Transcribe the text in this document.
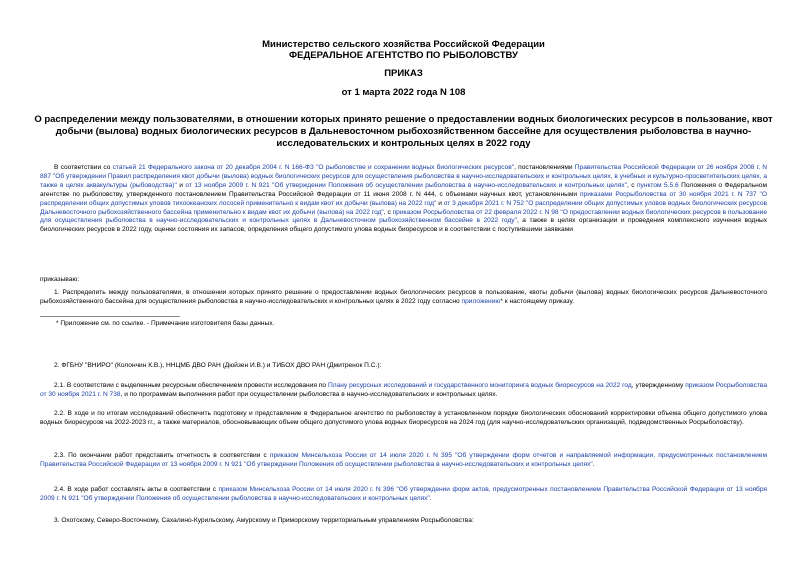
Министерство сельского хозяйства Российской Федерации
ФЕДЕРАЛЬНОЕ АГЕНТСТВО ПО РЫБОЛОВСТВУ
ПРИКАЗ
от 1 марта 2022 года N 108
О распределении между пользователями, в отношении которых принято решение о предоставлении водных биологических ресурсов в пользование, квот добычи (вылова) водных биологических ресурсов в Дальневосточном рыбохозяйственном бассейне для осуществления рыболовства в научно-исследовательских и контрольных целях в 2022 году
В соответствии со статьей 21 Федерального закона от 20 декабря 2004 г. N 166-ФЗ "О рыболовстве и сохранении водных биологических ресурсов", постановлениями Правительства Российской Федерации от 26 ноября 2008 г. N 887 "Об утверждении Правил распределения квот добычи (вылова) водных биологических ресурсов для осуществления рыболовства в научно-исследовательских и контрольных целях, в учебных и культурно-просветительских целях, а также в целях аквакультуры (рыбоводства)" и от 13 ноября 2009 г. N 921 "Об утверждении Положения об осуществлении рыболовства в научно-исследовательских и контрольных целях", с пунктом 5.5.6 Положения о Федеральном агентстве по рыболовству, утвержденного постановлением Правительства Российской Федерации от 11 июня 2008 г. N 444, с объемами научных квот, установленными приказами Росрыболовства от 30 ноября 2021 г. N 737 "О распределении общих допустимых уловов тихоокеанских лососей применительно к видам квот их добычи (вылова) на 2022 год" и от 3 декабря 2021 г. N 752 "О распределении общих допустимых уловов водных биологических ресурсов Дальневосточного рыбохозяйственного бассейна применительно к видам квот их добычи (вылова) на 2022 год", с приказом Росрыболовства от 22 февраля 2022 г. N 98 "О предоставлении водных биологических ресурсов в пользование для осуществления рыболовства в научно-исследовательских и контрольных целях в Дальневосточном рыбохозяйственном бассейне в 2022 году", а также в целях организации и проведения комплексного изучения водных биологических ресурсов в 2022 году, оценки состояния их запасов, определения общего допустимого улова водных биоресурсов и в соответствии с поступившими заявками
приказываю:
1. Распределить между пользователями, в отношении которых принято решение о предоставлении водных биологических ресурсов в пользование, квоты добычи (вылова) водных биологических ресурсов Дальневосточного рыбохозяйственного бассейна для осуществления рыболовства в научно-исследовательских и контрольных целях в 2022 году согласно приложению* к настоящему приказу.
* Приложение см. по ссылке. - Примечание изготовителя базы данных.
2. ФГБНУ "ВНИРО" (Колончин К.В.), ННЦМБ ДВО РАН (Дюйзен И.В.) и ТИБОХ ДВО РАН (Дмитренок П.С.):
2.1. В соответствии с выделенным ресурсным обеспечением провести исследования по Плану ресурсных исследований и государственного мониторинга водных биоресурсов на 2022 год, утвержденному приказом Росрыболовства от 30 ноября 2021 г. N 738, и по программам выполнения работ при осуществлении рыболовства в научно-исследовательских и контрольных целях.
2.2. В ходе и по итогам исследований обеспечить подготовку и представление в Федеральное агентство по рыболовству в установленном порядке биологических обоснований корректировки объема общего допустимого улова водных биоресурсов на 2022-2023 гг., а также материалов, обосновывающих объем общего допустимого улова водных биоресурсов на 2024 год (для научно-исследовательских организаций, подведомственных Росрыболовству).
2.3. По окончании работ представить отчетность в соответствии с приказом Минсельхоза России от 14 июля 2020 г. N 395 "Об утверждении форм отчетов и направляемой информации, предусмотренных постановлением Правительства Российской Федерации от 13 ноября 2009 г. N 921 "Об утверждении Положения об осуществлении рыболовства в научно-исследовательских и контрольных целях".
2.4. В ходе работ составлять акты в соответствии с приказом Минсельхоза России от 14 июля 2020 г. N 396 "Об утверждении форм актов, предусмотренных постановлением Правительства Российской Федерации от 13 ноября 2009 г. N 921 "Об утверждении Положения об осуществлении рыболовства в научно-исследовательских и контрольных целях".
3. Охотскому, Северо-Восточному, Сахалино-Курильскому, Амурскому и Приморскому территориальным управлениям Росрыболовства:
